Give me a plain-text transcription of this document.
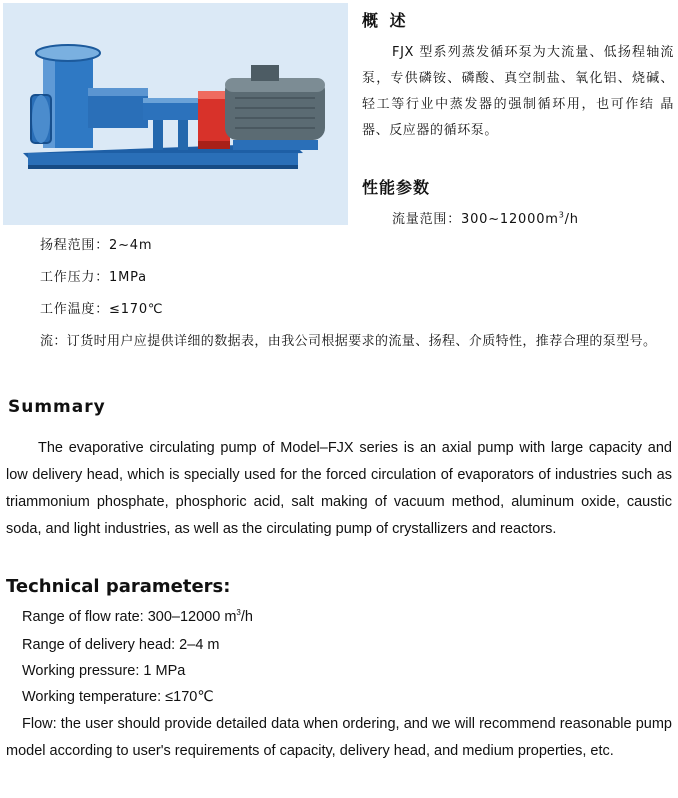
概 述
FJX 型系列蒸发循环泵为大流量、低扬程轴流泵，专供磷铵、磷酸、真空制盐、氧化铝、烧碱、轻工等行业中蒸发器的强制循环用，也可作结 晶器、反应器的循环泵。
性能参数
流量范围：$300\sim 12000m^3/h$
扬程范围：2~4m
工作压力：1MPa
工作温度：≤170℃
流：订货时用户应提供详细的数据表，由我公司根据要求的流量、扬程、介质特性，推荐合理的泵型号。
Summary
The evaporative circulating pump of Model–FJX series is an axial pump with large capacity and low delivery head, which is specially used for the forced circulation of evaporators of industries such as triammonium phosphate, phosphoric acid, salt making of vacuum method, aluminum oxide, caustic soda, and light industries, as well as the circulating pump of crystallizers and reactors.
Technical parameters:
Range of flow rate: 300–12000 $m^3/h$
Range of delivery head: 2–4 m
Working pressure: 1 MPa
Working temperature: ≤170℃
Flow: the user should provide detailed data when ordering, and we will recommend reasonable pump model according to user's requirements of capacity, delivery head, and medium properties, etc.
